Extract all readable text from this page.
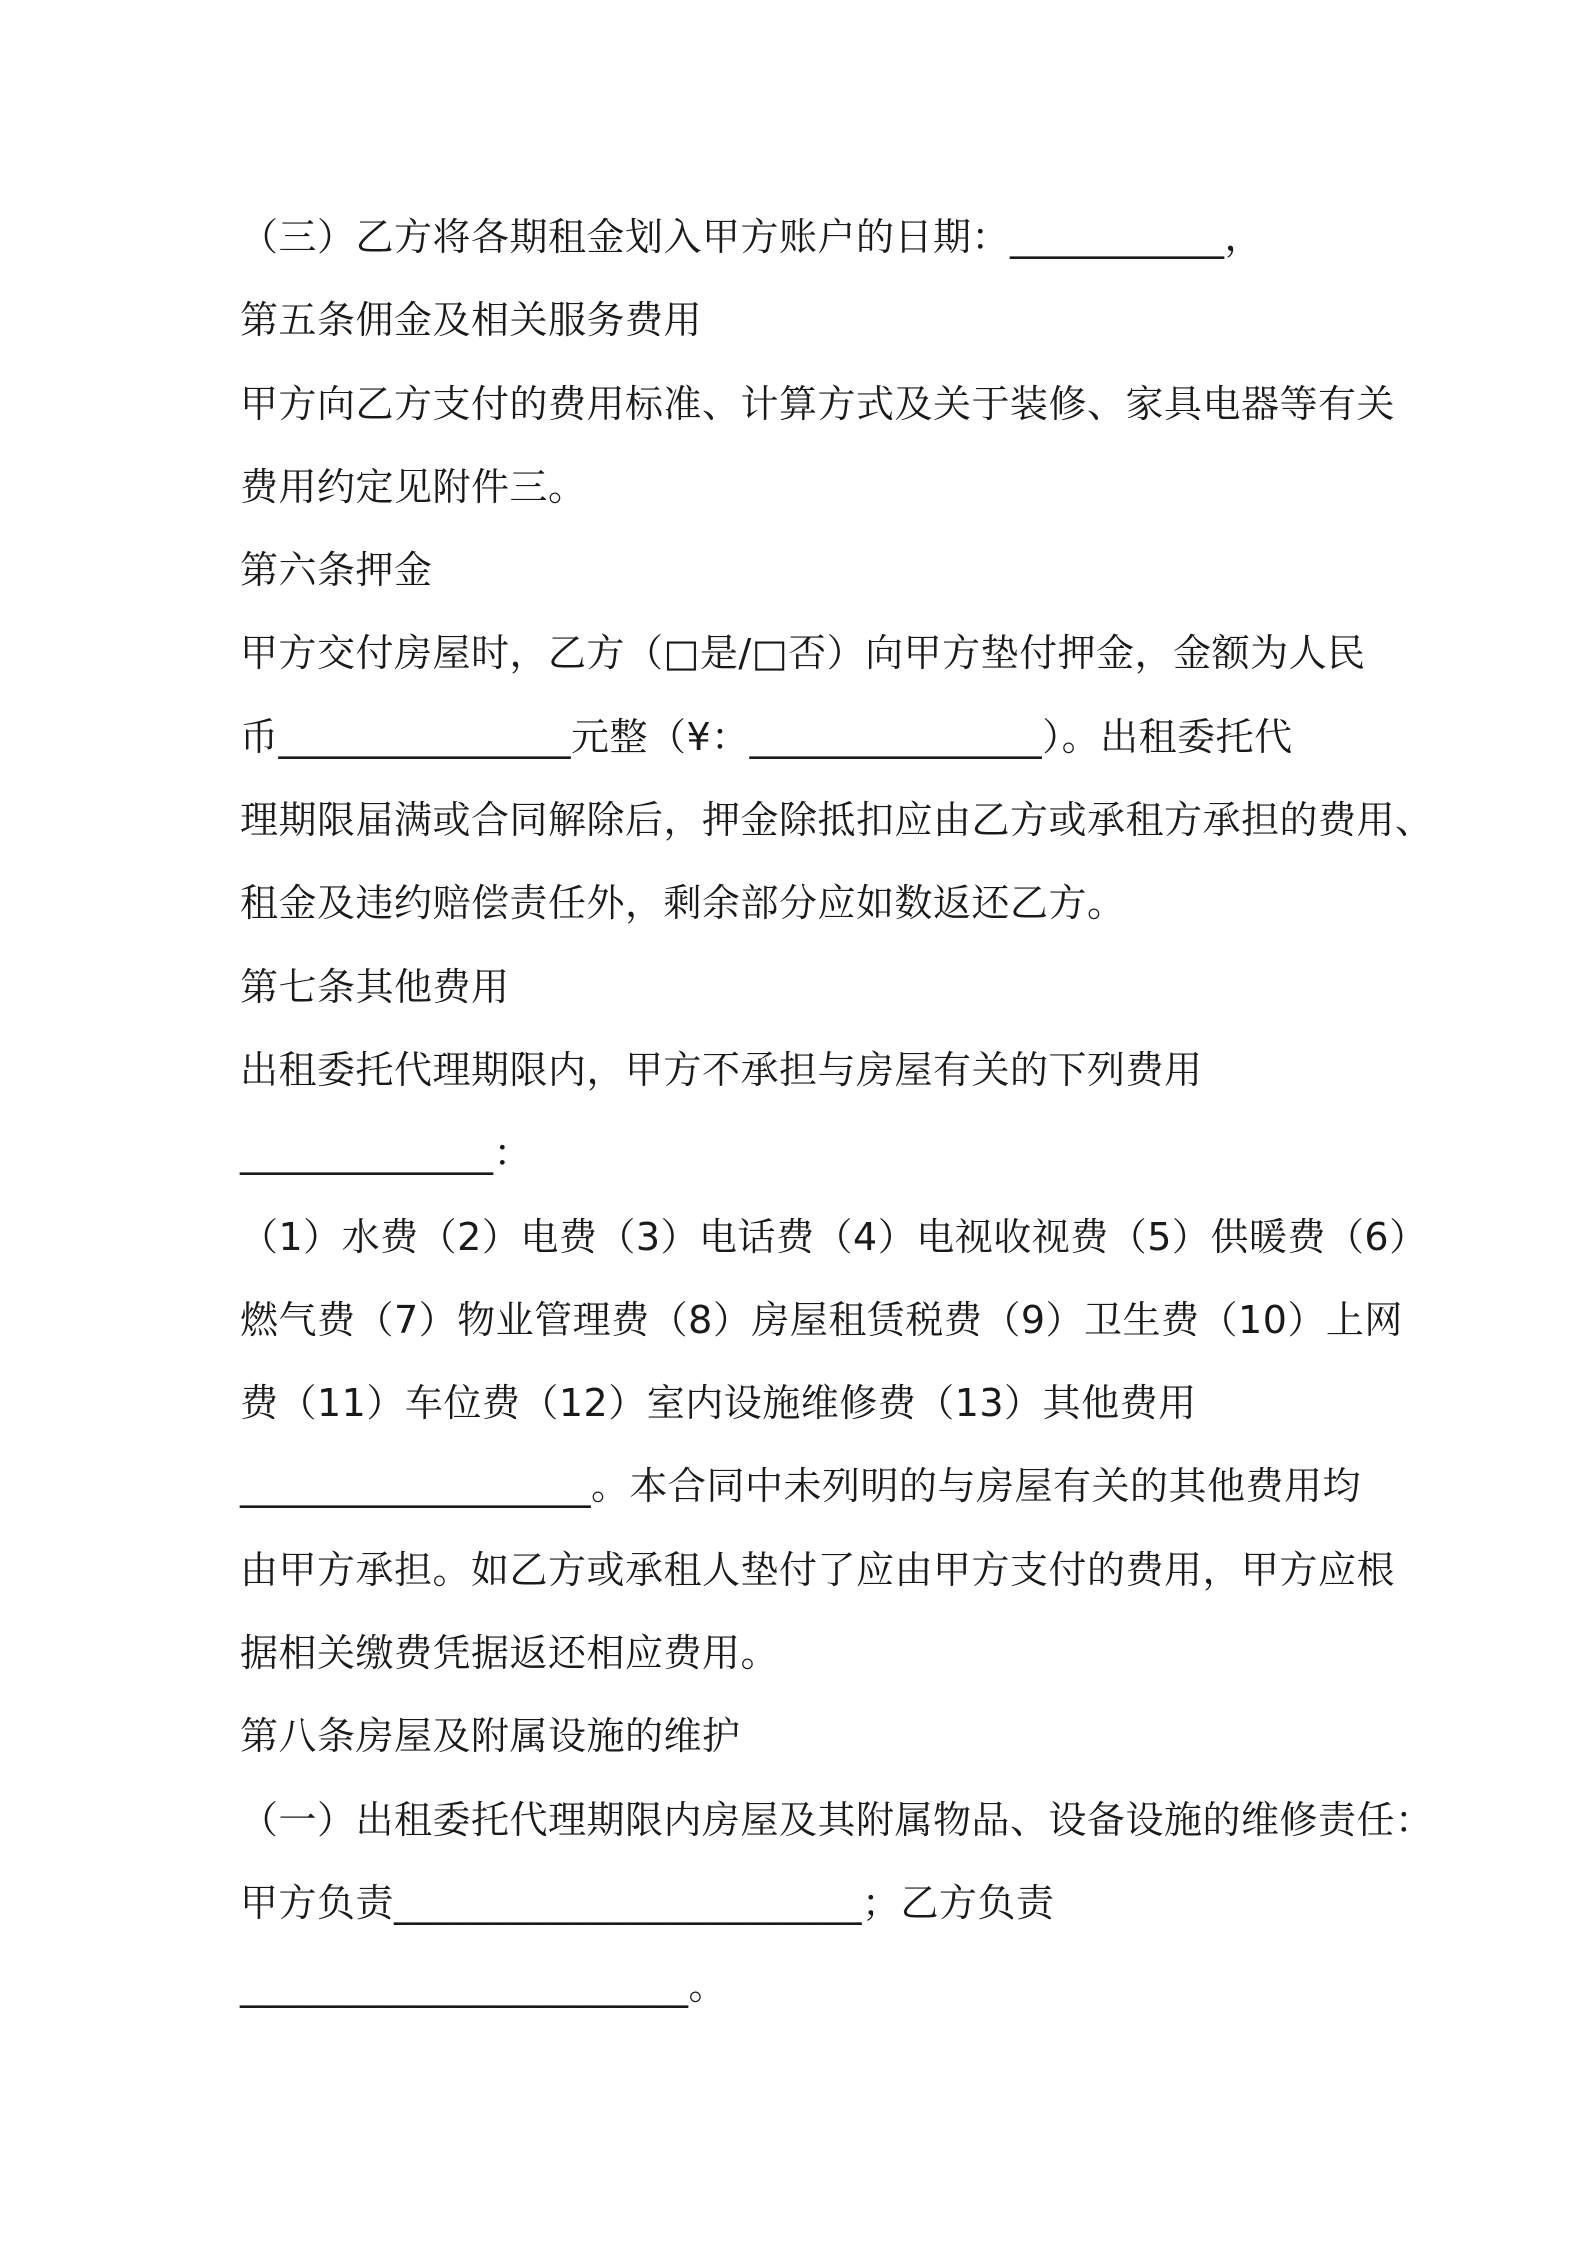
（三）乙方将各期租金划入甲方账户的日期：___________，
第五条佣金及相关服务费用
甲方向乙方支付的费用标准、计算方式及关于装修、家具电器等有关
费用约定见附件三。
第六条押金
甲方交付房屋时，乙方（□是/□否）向甲方垫付押金，金额为人民
币_______________元整（¥：_______________）。出租委托代
理期限届满或合同解除后，押金除抵扣应由乙方或承租方承担的费用、
租金及违约赔偿责任外，剩余部分应如数返还乙方。
第七条其他费用
出租委托代理期限内，甲方不承担与房屋有关的下列费用
_____________：
（1）水费（2）电费（3）电话费（4）电视收视费（5）供暖费（6）
燃气费（7）物业管理费（8）房屋租赁税费（9）卫生费（10）上网
费（11）车位费（12）室内设施维修费（13）其他费用
__________________。本合同中未列明的与房屋有关的其他费用均
由甲方承担。如乙方或承租人垫付了应由甲方支付的费用，甲方应根
据相关缴费凭据返还相应费用。
第八条房屋及附属设施的维护
（一）出租委托代理期限内房屋及其附属物品、设备设施的维修责任：
甲方负责________________________；乙方负责
_______________________。
